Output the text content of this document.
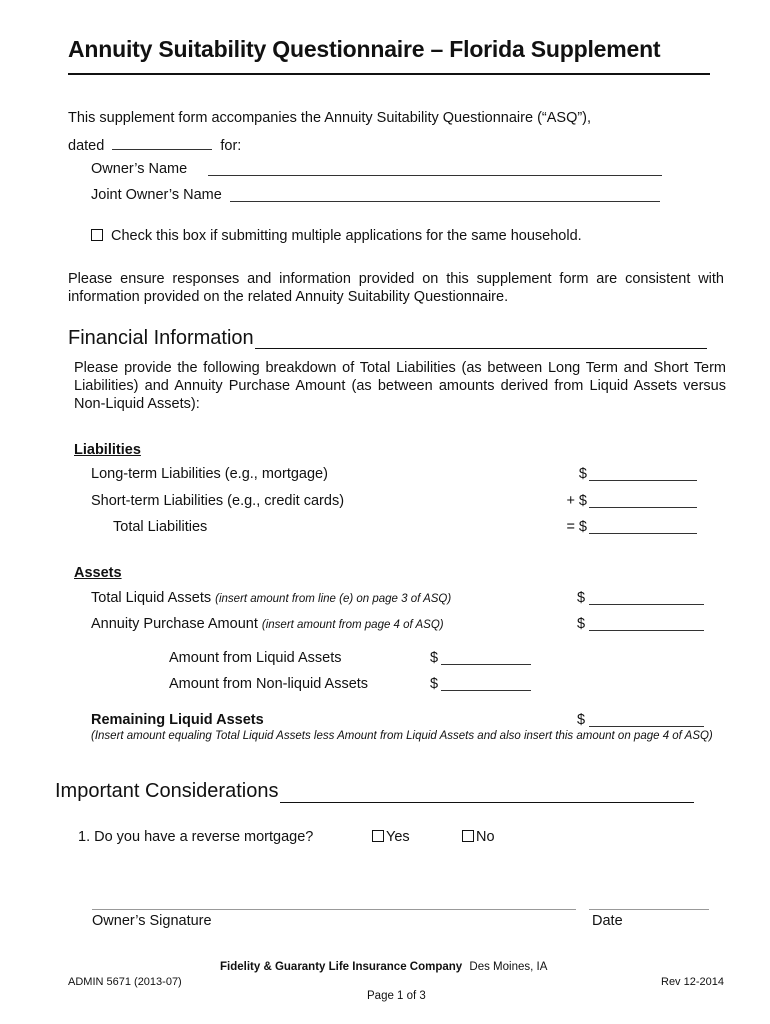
Annuity Suitability Questionnaire – Florida Supplement
This supplement form accompanies the Annuity Suitability Questionnaire (“ASQ”),
dated	for:
Owner’s Name
Joint Owner’s Name
Check this box if submitting multiple applications for the same household.
Please ensure responses and information provided on this supplement form are consistent with information provided on the related Annuity Suitability Questionnaire.
Financial Information
Please provide the following breakdown of Total Liabilities (as between Long Term and Short Term Liabilities) and Annuity Purchase Amount (as between amounts derived from Liquid Assets versus Non-Liquid Assets):
Liabilities
Long-term Liabilities (e.g., mortgage)	$
Short-term Liabilities (e.g., credit cards)	+ $
Total Liabilities	= $
Assets
Total Liquid Assets (insert amount from line (e) on page 3 of ASQ)	$
Annuity Purchase Amount (insert amount from page 4 of ASQ)	$
Amount from Liquid Assets	$
Amount from Non-liquid Assets	$
Remaining Liquid Assets	$
(Insert amount equaling Total Liquid Assets less Amount from Liquid Assets and also insert this amount on page 4 of ASQ)
Important Considerations
1. Do you have a reverse mortgage?	Yes	No
Owner’s Signature	Date
Fidelity & Guaranty Life Insurance Company Des Moines, IA
ADMIN 5671 (2013-07)	Rev 12-2014
Page 1 of 3
